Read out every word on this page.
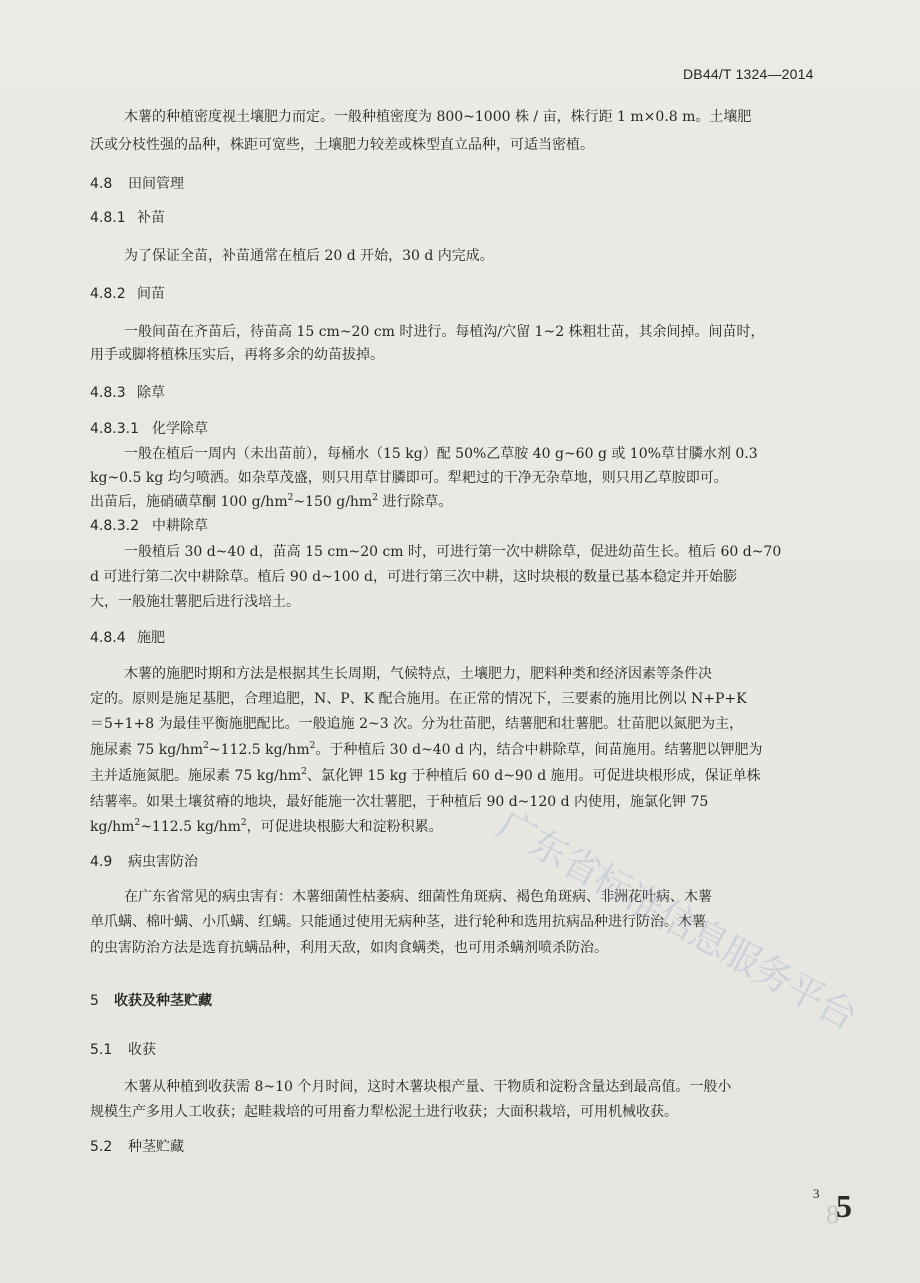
DB44/T 1324—2014
木薯的种植密度视土壤肥力而定。一般种植密度为 800~1000 株 / 亩，株行距 1 m×0.8 m。土壤肥
沃或分枝性强的品种，株距可宽些，土壤肥力较差或株型直立品种，可适当密植。
4.8 田间管理
4.8.1 补苗
为了保证全苗，补苗通常在植后 20 d 开始，30 d 内完成。
4.8.2 间苗
一般间苗在齐苗后，待苗高 15 cm~20 cm 时进行。每植沟/穴留 1~2 株粗壮苗，其余间掉。间苗时，
用手或脚将植株压实后，再将多余的幼苗拔掉。
4.8.3 除草
4.8.3.1 化学除草
一般在植后一周内（未出苗前），每桶水（15 kg）配 50%乙草胺 40 g~60 g 或 10%草甘膦水剂 0.3
kg~0.5 kg 均匀喷洒。如杂草茂盛，则只用草甘膦即可。犁耙过的干净无杂草地，则只用乙草胺即可。
出苗后，施硝磺草酮 100 $g/hm^2\sim 150$ $g/hm^2$ 进行除草。
4.8.3.2 中耕除草
一般植后 30 d~40 d，苗高 15 cm~20 cm 时，可进行第一次中耕除草，促进幼苗生长。植后 60 d~70
d 可进行第二次中耕除草。植后 90 d~100 d，可进行第三次中耕，这时块根的数量已基本稳定并开始膨
大，一般施壮薯肥后进行浅培土。
4.8.4 施肥
木薯的施肥时期和方法是根据其生长周期，气候特点，土壤肥力，肥料种类和经济因素等条件决
定的。原则是施足基肥，合理追肥，N、P、K 配合施用。在正常的情况下，三要素的施用比例以 N+P+K
＝5+1+8 为最佳平衡施肥配比。一般追施 2~3 次。分为壮苗肥，结薯肥和壮薯肥。壮苗肥以氮肥为主，
施尿素 75 $kg/hm^2\sim 112.5$ $kg/hm^2$。于种植后 30 d~40 d 内，结合中耕除草，间苗施用。结薯肥以钾肥为
主并适施氮肥。施尿素 75 $kg/hm^2$、氯化钾 15 kg 于种植后 60 d~90 d 施用。可促进块根形成，保证单株
结薯率。如果土壤贫瘠的地块，最好能施一次壮薯肥，于种植后 90 d~120 d 内使用，施氯化钾 75
$kg/hm^2\sim 112.5$ $kg/hm^2$，可促进块根膨大和淀粉积累。
4.9 病虫害防治
在广东省常见的病虫害有：木薯细菌性枯萎病、细菌性角斑病、褐色角斑病、非洲花叶病、木薯
单爪螨、棉叶螨、小爪螨、红螨。只能通过使用无病种茎，进行轮种和选用抗病品种进行防治。木薯
的虫害防治方法是选育抗螨品种，利用天敌，如肉食螨类，也可用杀螨剂喷杀防治。
5 收获及种茎贮藏
5.1 收获
木薯从种植到收获需 8~10 个月时间，这时木薯块根产量、干物质和淀粉含量达到最高值。一般小
规模生产多用人工收获；起畦栽培的可用畜力犁松泥土进行收获；大面积栽培，可用机械收获。
5.2 种茎贮藏
广
东
省
标
准
信
息
服
务
平
台
3
8
5
